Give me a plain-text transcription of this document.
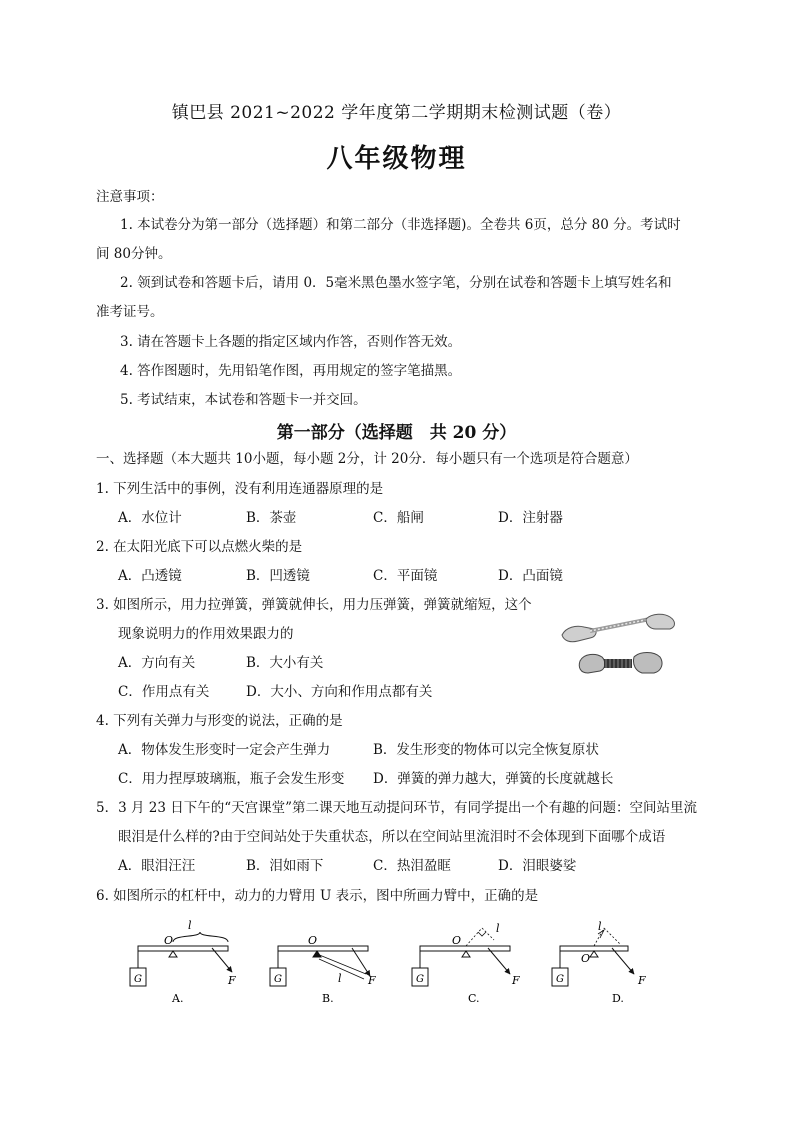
镇巴县 2021~2022 学年度第二学期期末检测试题（卷）
八年级物理
注意事项：
1. 本试卷分为第一部分（选择题）和第二部分（非选择题)。全卷共 6页，总分 80 分。考试时
间 80分钟。
2. 领到试卷和答题卡后，请用 0．5毫米黑色墨水签字笔，分别在试卷和答题卡上填写姓名和
准考证号。
3. 请在答题卡上各题的指定区域内作答，否则作答无效。
4. 答作图题时，先用铅笔作图，再用规定的签字笔描黑。
5. 考试结束，本试卷和答题卡一并交回。
第一部分（选择题　共 20 分）
一、选择题（本大题共 10小题，每小题 2分，计 20分．每小题只有一个选项是符合题意）
1. 下列生活中的事例，没有利用连通器原理的是
A．水位计	B．茶壶	C．船闸	D．注射器
2. 在太阳光底下可以点燃火柴的是
A．凸透镜	B．凹透镜	C．平面镜	D．凸面镜
3. 如图所示，用力拉弹簧，弹簧就伸长，用力压弹簧，弹簧就缩短，这个
现象说明力的作用效果跟力的
A．方向有关	B．大小有关
C．作用点有关	D．大小、方向和作用点都有关
4. 下列有关弹力与形变的说法，正确的是
A．物体发生形变时一定会产生弹力	B．发生形变的物体可以完全恢复原状
C．用力捏厚玻璃瓶，瓶子会发生形变 D．弹簧的弹力越大，弹簧的长度就越长
5．3 月 23 日下午的“天宫课堂”第二课天地互动提问环节，有同学提出一个有趣的问题：空间站里流
眼泪是什么样的?由于空间站处于失重状态，所以在空间站里流泪时不会体现到下面哪个成语
A．眼泪汪汪	B．泪如雨下	C．热泪盈眶	D．泪眼婆娑
6. 如图所示的杠杆中，动力的力臂用 U 表示，图中所画力臂中，正确的是
G
O
l
F
A.
G
O
l F
B.
G
O
l
F
C.
G
O
l
F
D.
